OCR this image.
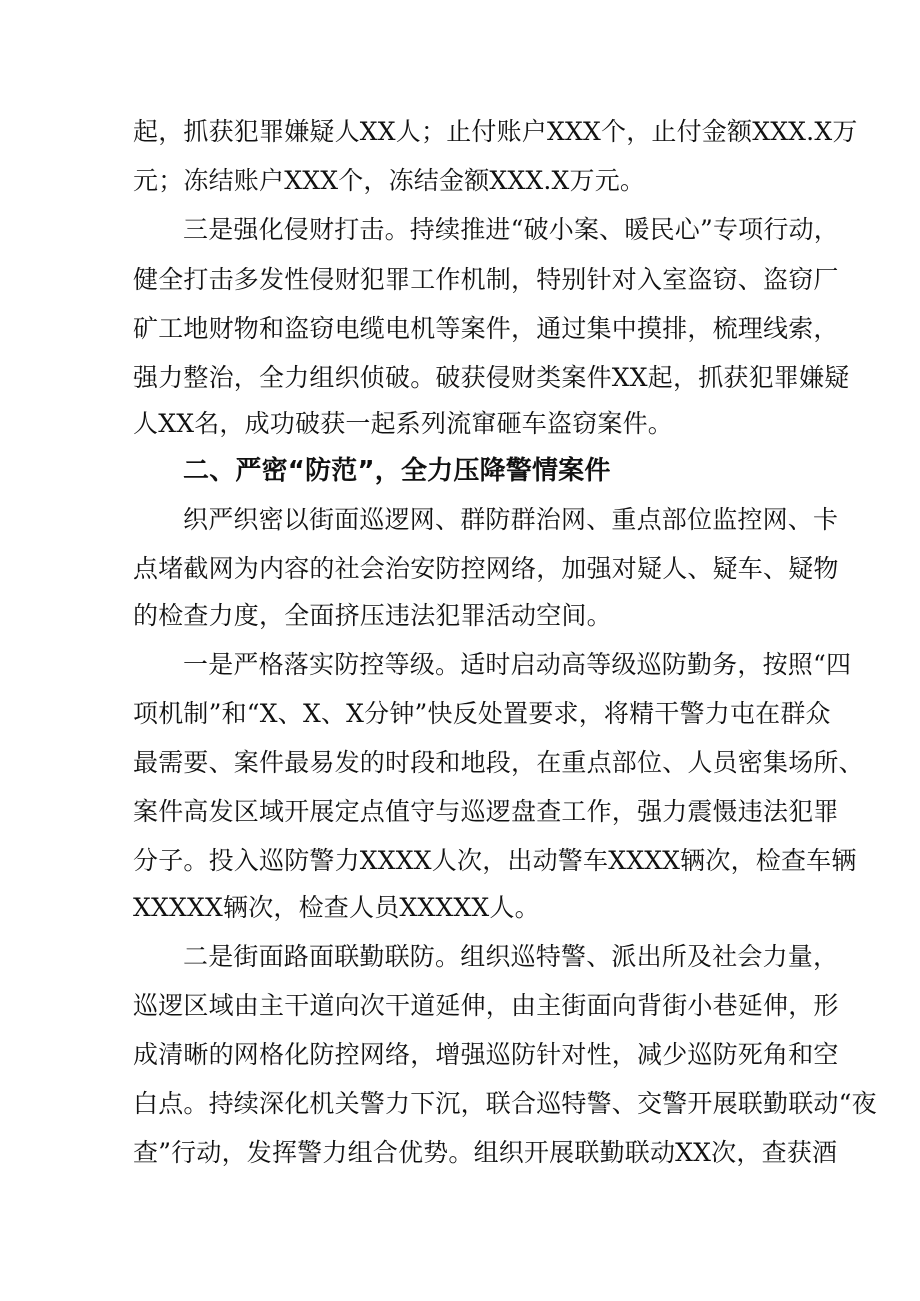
起，抓获犯罪嫌疑人XX人；止付账户XXX个，止付金额XXX.X万
元；冻结账户XXX个，冻结金额XXX.X万元。
三是强化侵财打击。持续推进“破小案、暖民心”专项行动，
健全打击多发性侵财犯罪工作机制，特别针对入室盗窃、盗窃厂
矿工地财物和盗窃电缆电机等案件，通过集中摸排，梳理线索，
强力整治，全力组织侦破。破获侵财类案件XX起，抓获犯罪嫌疑
人XX名，成功破获一起系列流窜砸车盗窃案件。
二、严密“防范”，全力压降警情案件
织严织密以街面巡逻网、群防群治网、重点部位监控网、卡
点堵截网为内容的社会治安防控网络，加强对疑人、疑车、疑物
的检查力度，全面挤压违法犯罪活动空间。
一是严格落实防控等级。适时启动高等级巡防勤务，按照“四
项机制”和“X、X、X分钟”快反处置要求，将精干警力屯在群众
最需要、案件最易发的时段和地段，在重点部位、人员密集场所、
案件高发区域开展定点值守与巡逻盘查工作，强力震慑违法犯罪
分子。投入巡防警力XXXX人次，出动警车XXXX辆次，检查车辆
XXXXX辆次，检查人员XXXXX人。
二是街面路面联勤联防。组织巡特警、派出所及社会力量，
巡逻区域由主干道向次干道延伸，由主街面向背街小巷延伸，形
成清晰的网格化防控网络，增强巡防针对性，减少巡防死角和空
白点。持续深化机关警力下沉，联合巡特警、交警开展联勤联动“夜
查”行动，发挥警力组合优势。组织开展联勤联动XX次，查获酒
